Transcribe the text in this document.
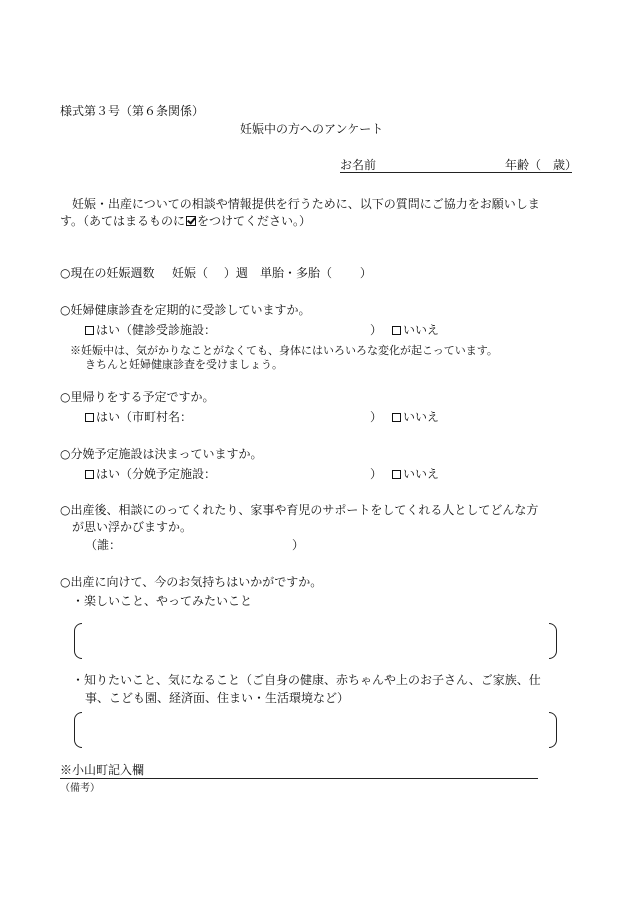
様式第３号（第６条関係）
妊娠中の方へのアンケート
お名前	年齢（　歳）
妊娠・出産についての相談や情報提供を行うために、以下の質問にご協力をお願いしま
す。（あてはまるものに をつけてください。）
○現在の妊娠週数 妊娠（　 ）週 単胎・多胎（　　 ）
○妊婦健康診査を定期的に受診していますか。
はい（健診受診施設：	）	いいえ
※妊娠中は、気がかりなことがなくても、身体にはいろいろな変化が起こっています。
きちんと妊婦健康診査を受けましょう。
○里帰りをする予定ですか。
はい（市町村名：	）	いいえ
○分娩予定施設は決まっていますか。
はい（分娩予定施設：	）	いいえ
○出産後、相談にのってくれたり、家事や育児のサポートをしてくれる人としてどんな方
が思い浮かびますか。
（誰：	）
○出産に向けて、今のお気持ちはいかがですか。
・楽しいこと、やってみたいこと
・知りたいこと、気になること（ご自身の健康、赤ちゃんや上のお子さん、ご家族、仕
事、こども園、経済面、住まい・生活環境など）
※小山町記入欄
（備考）
